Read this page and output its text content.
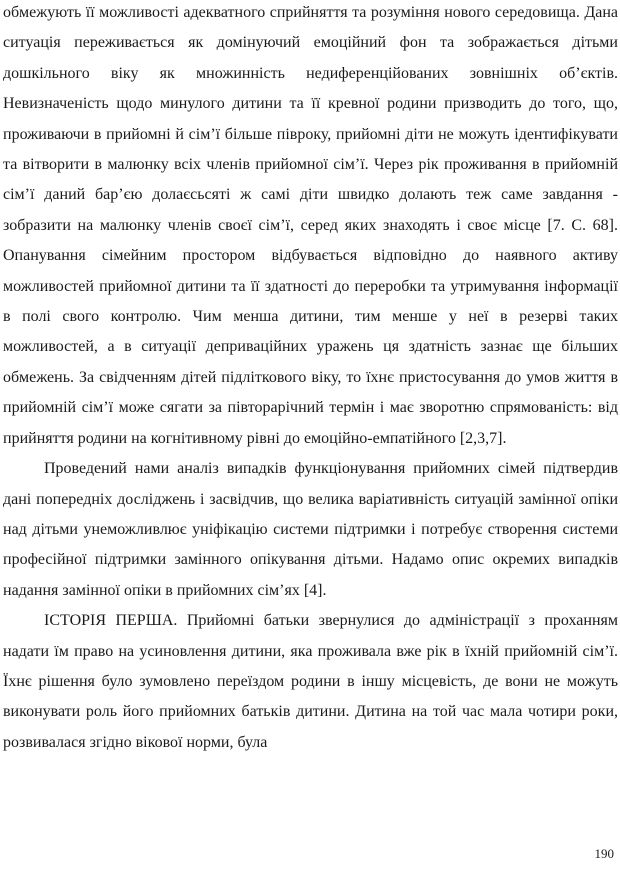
обмежують її можливості адекватного сприйняття та розуміння нового середовища. Дана ситуація переживається як домінуючий емоційний фон та зображається дітьми дошкільного віку як множинність недиференційованих зовнішніх об’єктів. Невизначеність щодо минулого дитини та її кревної родини призводить до того, що, проживаючи в прийомні й сім’ї більше півроку, прийомні діти не можуть ідентифікувати та вітворити в малюнку всіх членів прийомної сім’ї. Через рік проживання в прийомній сім’ї даний бар’єю долаєсьсяті ж самі діти швидко долають теж саме завдання - зобразити на малюнку членів своєї сім’ї, серед яких знаходять і своє місце [7. С. 68]. Опанування сімейним простором відбувається відповідно до наявного активу можливостей прийомної дитини та її здатності до переробки та утримування інформації в полі свого контролю. Чим менша дитини, тим менше у неї в резерві таких можливостей, а в ситуації депривацiйних уражень ця здатність зазнає ще більших обмежень. За свідченням дітей підліткового віку, то їхнє пристосування до умов життя в прийомній сім’ї може сягати за півторарічний термін і має зворотню спрямованість: від прийняття родини на когнітивному рівні до емоційно-емпатійного [2,3,7].

Проведений нами аналіз випадків функціонування прийомних сімей підтвердив дані попередніх досліджень і засвідчив, що велика варіативність ситуацій замінної опіки над дітьми унеможливлює уніфікацію системи підтримки і потребує створення системи професійної підтримки замінного опікування дітьми. Надамо опис окремих випадків надання замінної опіки в прийомних сім’ях [4].

ІСТОРІЯ ПЕРША. Прийомні батьки звернулися до адміністрації з проханням надати їм право на усиновлення дитини, яка проживала вже рік в їхній прийомній сім’ї. Їхнє рішення було зумовлено переїздом родини в іншу місцевість, де вони не можуть виконувати роль його прийомних батьків дитини. Дитина на той час мала чотири роки, розвивалася згідно вікової норми, була

190
